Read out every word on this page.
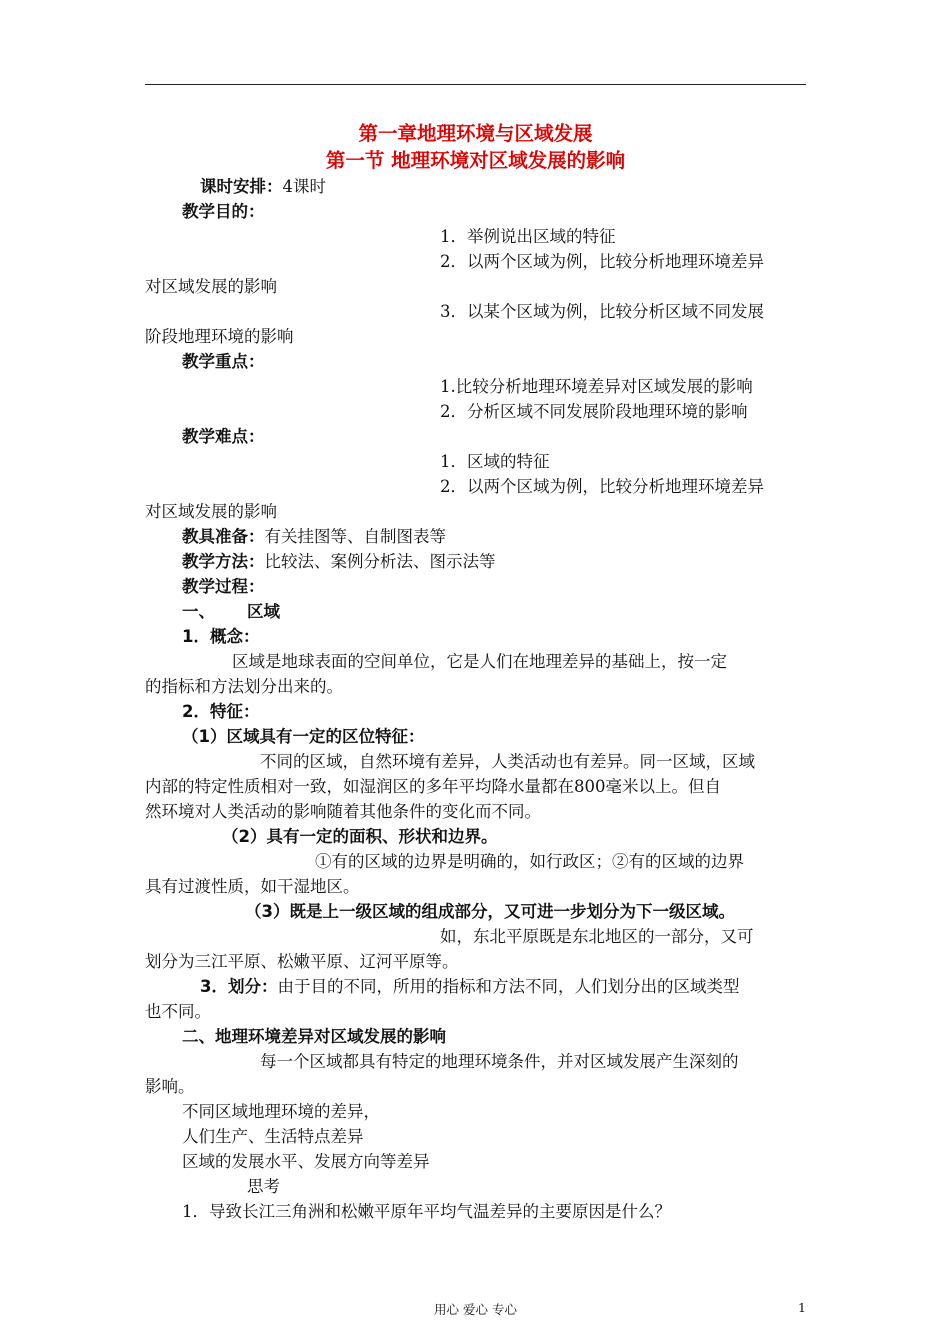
第一章地理环境与区域发展
第一节 地理环境对区域发展的影响
课时安排：4课时
教学目的：
1．举例说出区域的特征
2．以两个区域为例，比较分析地理环境差异
对区域发展的影响
3．以某个区域为例，比较分析区域不同发展
阶段地理环境的影响
教学重点：
1.比较分析地理环境差异对区域发展的影响
2．分析区域不同发展阶段地理环境的影响
教学难点：
1．区域的特征
2．以两个区域为例，比较分析地理环境差异
对区域发展的影响
教具准备：有关挂图等、自制图表等
教学方法：比较法、案例分析法、图示法等
教学过程：
一、 区域
1．概念：
区域是地球表面的空间单位，它是人们在地理差异的基础上，按一定
的指标和方法划分出来的。
2．特征：
（1）区域具有一定的区位特征：
不同的区域，自然环境有差异，人类活动也有差异。同一区域，区域
内部的特定性质相对一致，如湿润区的多年平均降水量都在800毫米以上。但自
然环境对人类活动的影响随着其他条件的变化而不同。
（2）具有一定的面积、形状和边界。
①有的区域的边界是明确的，如行政区；②有的区域的边界
具有过渡性质，如干湿地区。
（3）既是上一级区域的组成部分，又可进一步划分为下一级区域。
如，东北平原既是东北地区的一部分，又可
划分为三江平原、松嫩平原、辽河平原等。
3．划分：由于目的不同，所用的指标和方法不同，人们划分出的区域类型
也不同。
二、地理环境差异对区域发展的影响
每一个区域都具有特定的地理环境条件，并对区域发展产生深刻的
影响。
不同区域地理环境的差异，
人们生产、生活特点差异
区域的发展水平、发展方向等差异
思考
1．导致长江三角洲和松嫩平原年平均气温差异的主要原因是什么？
用心 爱心 专心	1
